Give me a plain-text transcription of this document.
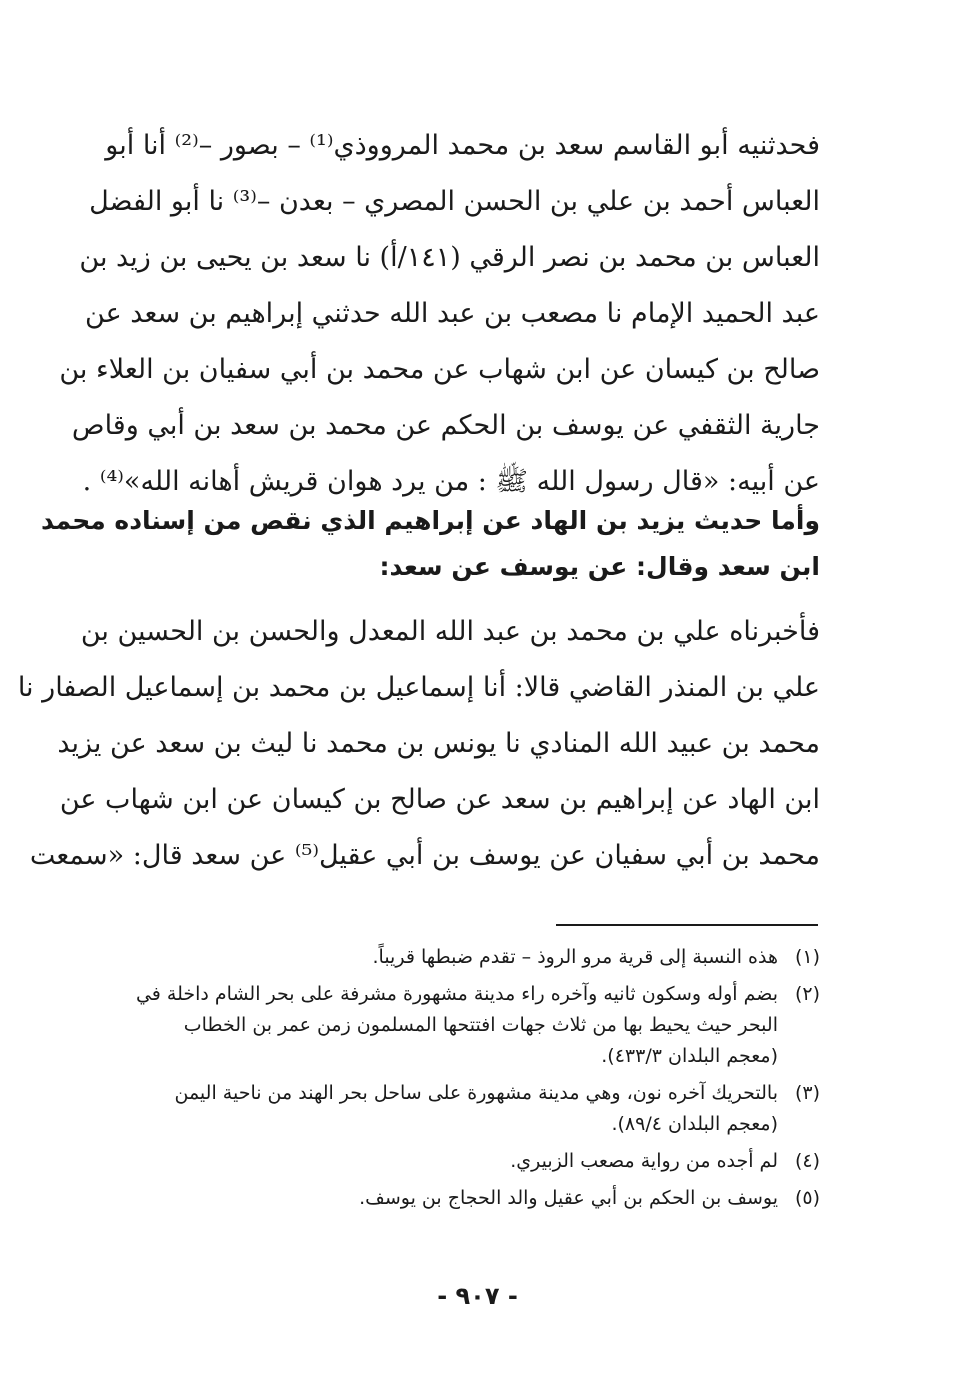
فحدثنيه أبو القاسم سعد بن محمد المرووذي⁽¹⁾ – بصور –⁽²⁾ أنا أبو
العباس أحمد بن علي بن الحسن المصري – بعدن –⁽³⁾ نا أبو الفضل
العباس بن محمد بن نصر الرقي (١٤١/أ) نا سعد بن يحيى بن زيد بن
عبد الحميد الإمام نا مصعب بن عبد الله حدثني إبراهيم بن سعد عن
صالح بن كيسان عن ابن شهاب عن محمد بن أبي سفيان بن العلاء بن
جارية الثقفي عن يوسف بن الحكم عن محمد بن سعد بن أبي وقاص
عن أبيه: «قال رسول الله ﷺ : من يرد هوان قريش أهانه الله»⁽⁴⁾ .
وأما حديث يزيد بن الهاد عن إبراهيم الذي نقص من إسناده محمد
ابن سعد وقال: عن يوسف عن سعد:
فأخبرناه علي بن محمد بن عبد الله المعدل والحسن بن الحسين بن
علي بن المنذر القاضي قالا: أنا إسماعيل بن محمد بن إسماعيل الصفار نا
محمد بن عبيد الله المنادي نا يونس بن محمد نا ليث بن سعد عن يزيد
ابن الهاد عن إبراهيم بن سعد عن صالح بن كيسان عن ابن شهاب عن
محمد بن أبي سفيان عن يوسف بن أبي عقيل⁽⁵⁾ عن سعد قال: «سمعت
(١)
هذه النسبة إلى قرية مرو الروذ – تقدم ضبطها قريباً.
(٢)
بضم أوله وسكون ثانيه وآخره راء مدينة مشهورة مشرفة على بحر الشام داخلة في
البحر حيث يحيط بها من ثلاث جهات افتتحها المسلمون زمن عمر بن الخطاب
(معجم البلدان ٤٣٣/٣).
(٣)
بالتحريك آخره نون، وهي مدينة مشهورة على ساحل بحر الهند من ناحية اليمن
(معجم البلدان ٨٩/٤).
(٤)
لم أجده من رواية مصعب الزبيري.
(٥)
يوسف بن الحكم بن أبي عقيل والد الحجاج بن يوسف.
- ٩٠٧ -
